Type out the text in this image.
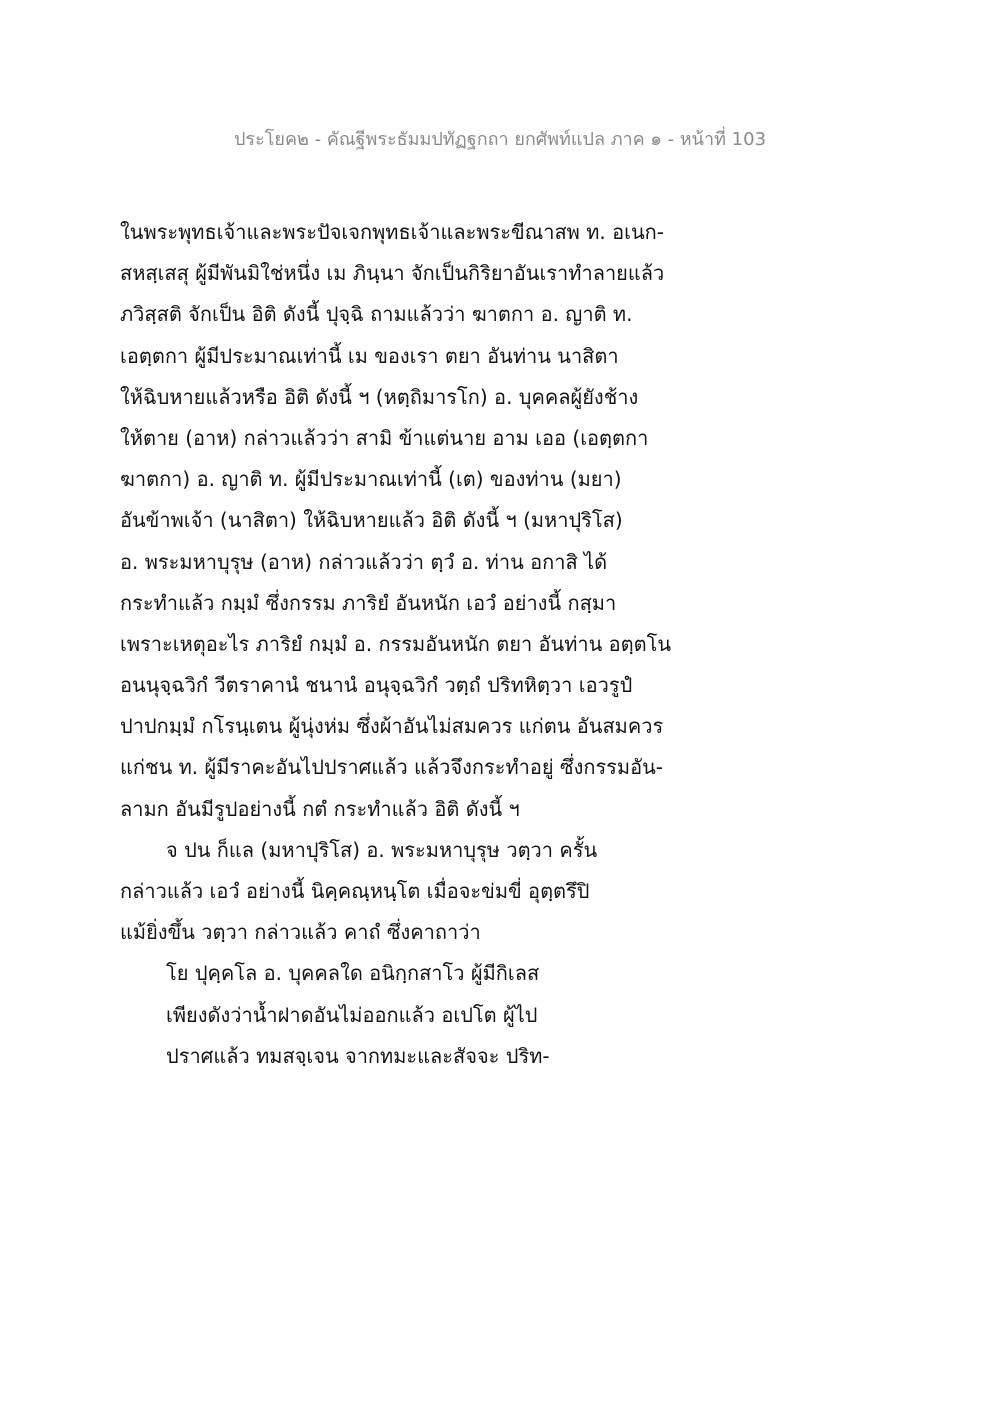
ประโยค๒ - คัณฐีพระธัมมปทัฏฐกถา ยกศัพท์แปล ภาค ๑ - หน้าที่ 103
ในพระพุทธเจ้าและพระปัจเจกพุทธเจ้าและพระขีณาสพ ท. อเนก-
สหสฺเสสุ ผู้มีพันมิใช่หนึ่ง เม ภินฺนา จักเป็นกิริยาอันเราทำลายแล้ว
ภวิสฺสติ จักเป็น อิติ ดังนี้ ปุจฺฉิ ถามแล้วว่า ฆาตกา อ. ญาติ ท.
เอตฺตกา ผู้มีประมาณเท่านี้ เม ของเรา ตยา อันท่าน นาสิตา
ให้ฉิบหายแล้วหรือ อิติ ดังนี้ ฯ (หตฺถิมารโก) อ. บุคคลผู้ยังช้าง
ให้ตาย (อาห) กล่าวแล้วว่า สามิ ข้าแต่นาย อาม เออ (เอตฺตกา
ฆาตกา) อ. ญาติ ท. ผู้มีประมาณเท่านี้ (เต) ของท่าน (มยา)
อันข้าพเจ้า (นาสิตา) ให้ฉิบหายแล้ว อิติ ดังนี้ ฯ (มหาปุริโส)
อ. พระมหาบุรุษ (อาห) กล่าวแล้วว่า ตฺวํ อ. ท่าน อกาสิ ได้
กระทำแล้ว กมฺมํ ซึ่งกรรม ภาริยํ อันหนัก เอวํ อย่างนี้ กสฺมา
เพราะเหตุอะไร ภาริยํ กมฺมํ อ. กรรมอันหนัก ตยา อันท่าน อตฺตโน
อนนุจฺฉวิกํ วีตราคานํ ชนานํ อนุจฺฉวิกํ วตฺถํ ปริทหิตฺวา เอวรูปํ
ปาปกมฺมํ กโรนฺเตน ผู้นุ่งห่ม ซึ่งผ้าอันไม่สมควร แก่ตน อันสมควร
แก่ชน ท. ผู้มีราคะอันไปปราศแล้ว แล้วจึงกระทำอยู่ ซึ่งกรรมอัน-
ลามก อันมีรูปอย่างนี้ กตํ กระทำแล้ว อิติ ดังนี้ ฯ
จ ปน ก็แล (มหาปุริโส) อ. พระมหาบุรุษ วตฺวา ครั้น
กล่าวแล้ว เอวํ อย่างนี้ นิคฺคณฺหนฺโต เมื่อจะข่มขี่ อุตฺตรึปิ
แม้ยิ่งขึ้น วตฺวา กล่าวแล้ว คาถํ ซึ่งคาถาว่า
โย ปุคฺคโล อ. บุคคลใด อนิกฺกสาโว ผู้มีกิเลส
เพียงดังว่าน้ำฝาดอันไม่ออกแล้ว อเปโต ผู้ไป
ปราศแล้ว ทมสจฺเจน จากทมะและสัจจะ ปริท-
